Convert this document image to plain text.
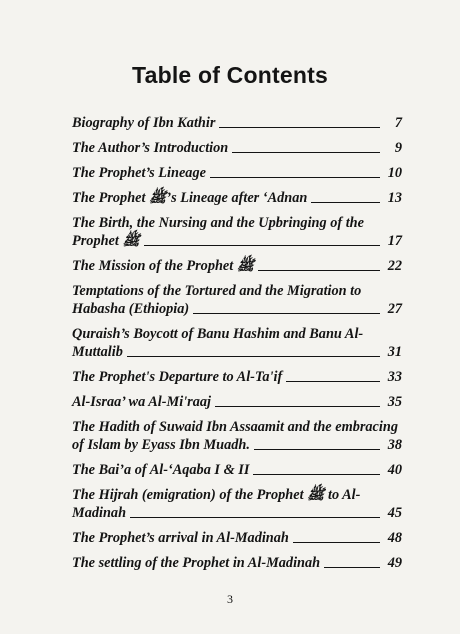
Table of Contents
Biography of Ibn Kathir	7
The Author’s Introduction	9
The Prophet’s Lineage	10
The Prophet ﷺ’s Lineage after ‘Adnan	13
The Birth, the Nursing and the Upbringing of the
Prophet ﷺ	17
The Mission of the Prophet ﷺ	22
Temptations of the Tortured and the Migration to
Habasha (Ethiopia)	27
Quraish’s Boycott of Banu Hashim and Banu Al-
Muttalib	31
The Prophet's Departure to Al-Ta'if	33
Al-Israa’ wa Al-Mi'raaj	35
The Hadith of Suwaid Ibn Assaamit and the embracing
of Islam by Eyass Ibn Muadh.	38
The Bai’a of Al-‘Aqaba I & II	40
The Hijrah (emigration) of the Prophet ﷺ to Al-
Madinah	45
The Prophet’s arrival in Al-Madinah	48
The settling of the Prophet in Al-Madinah	49
3
